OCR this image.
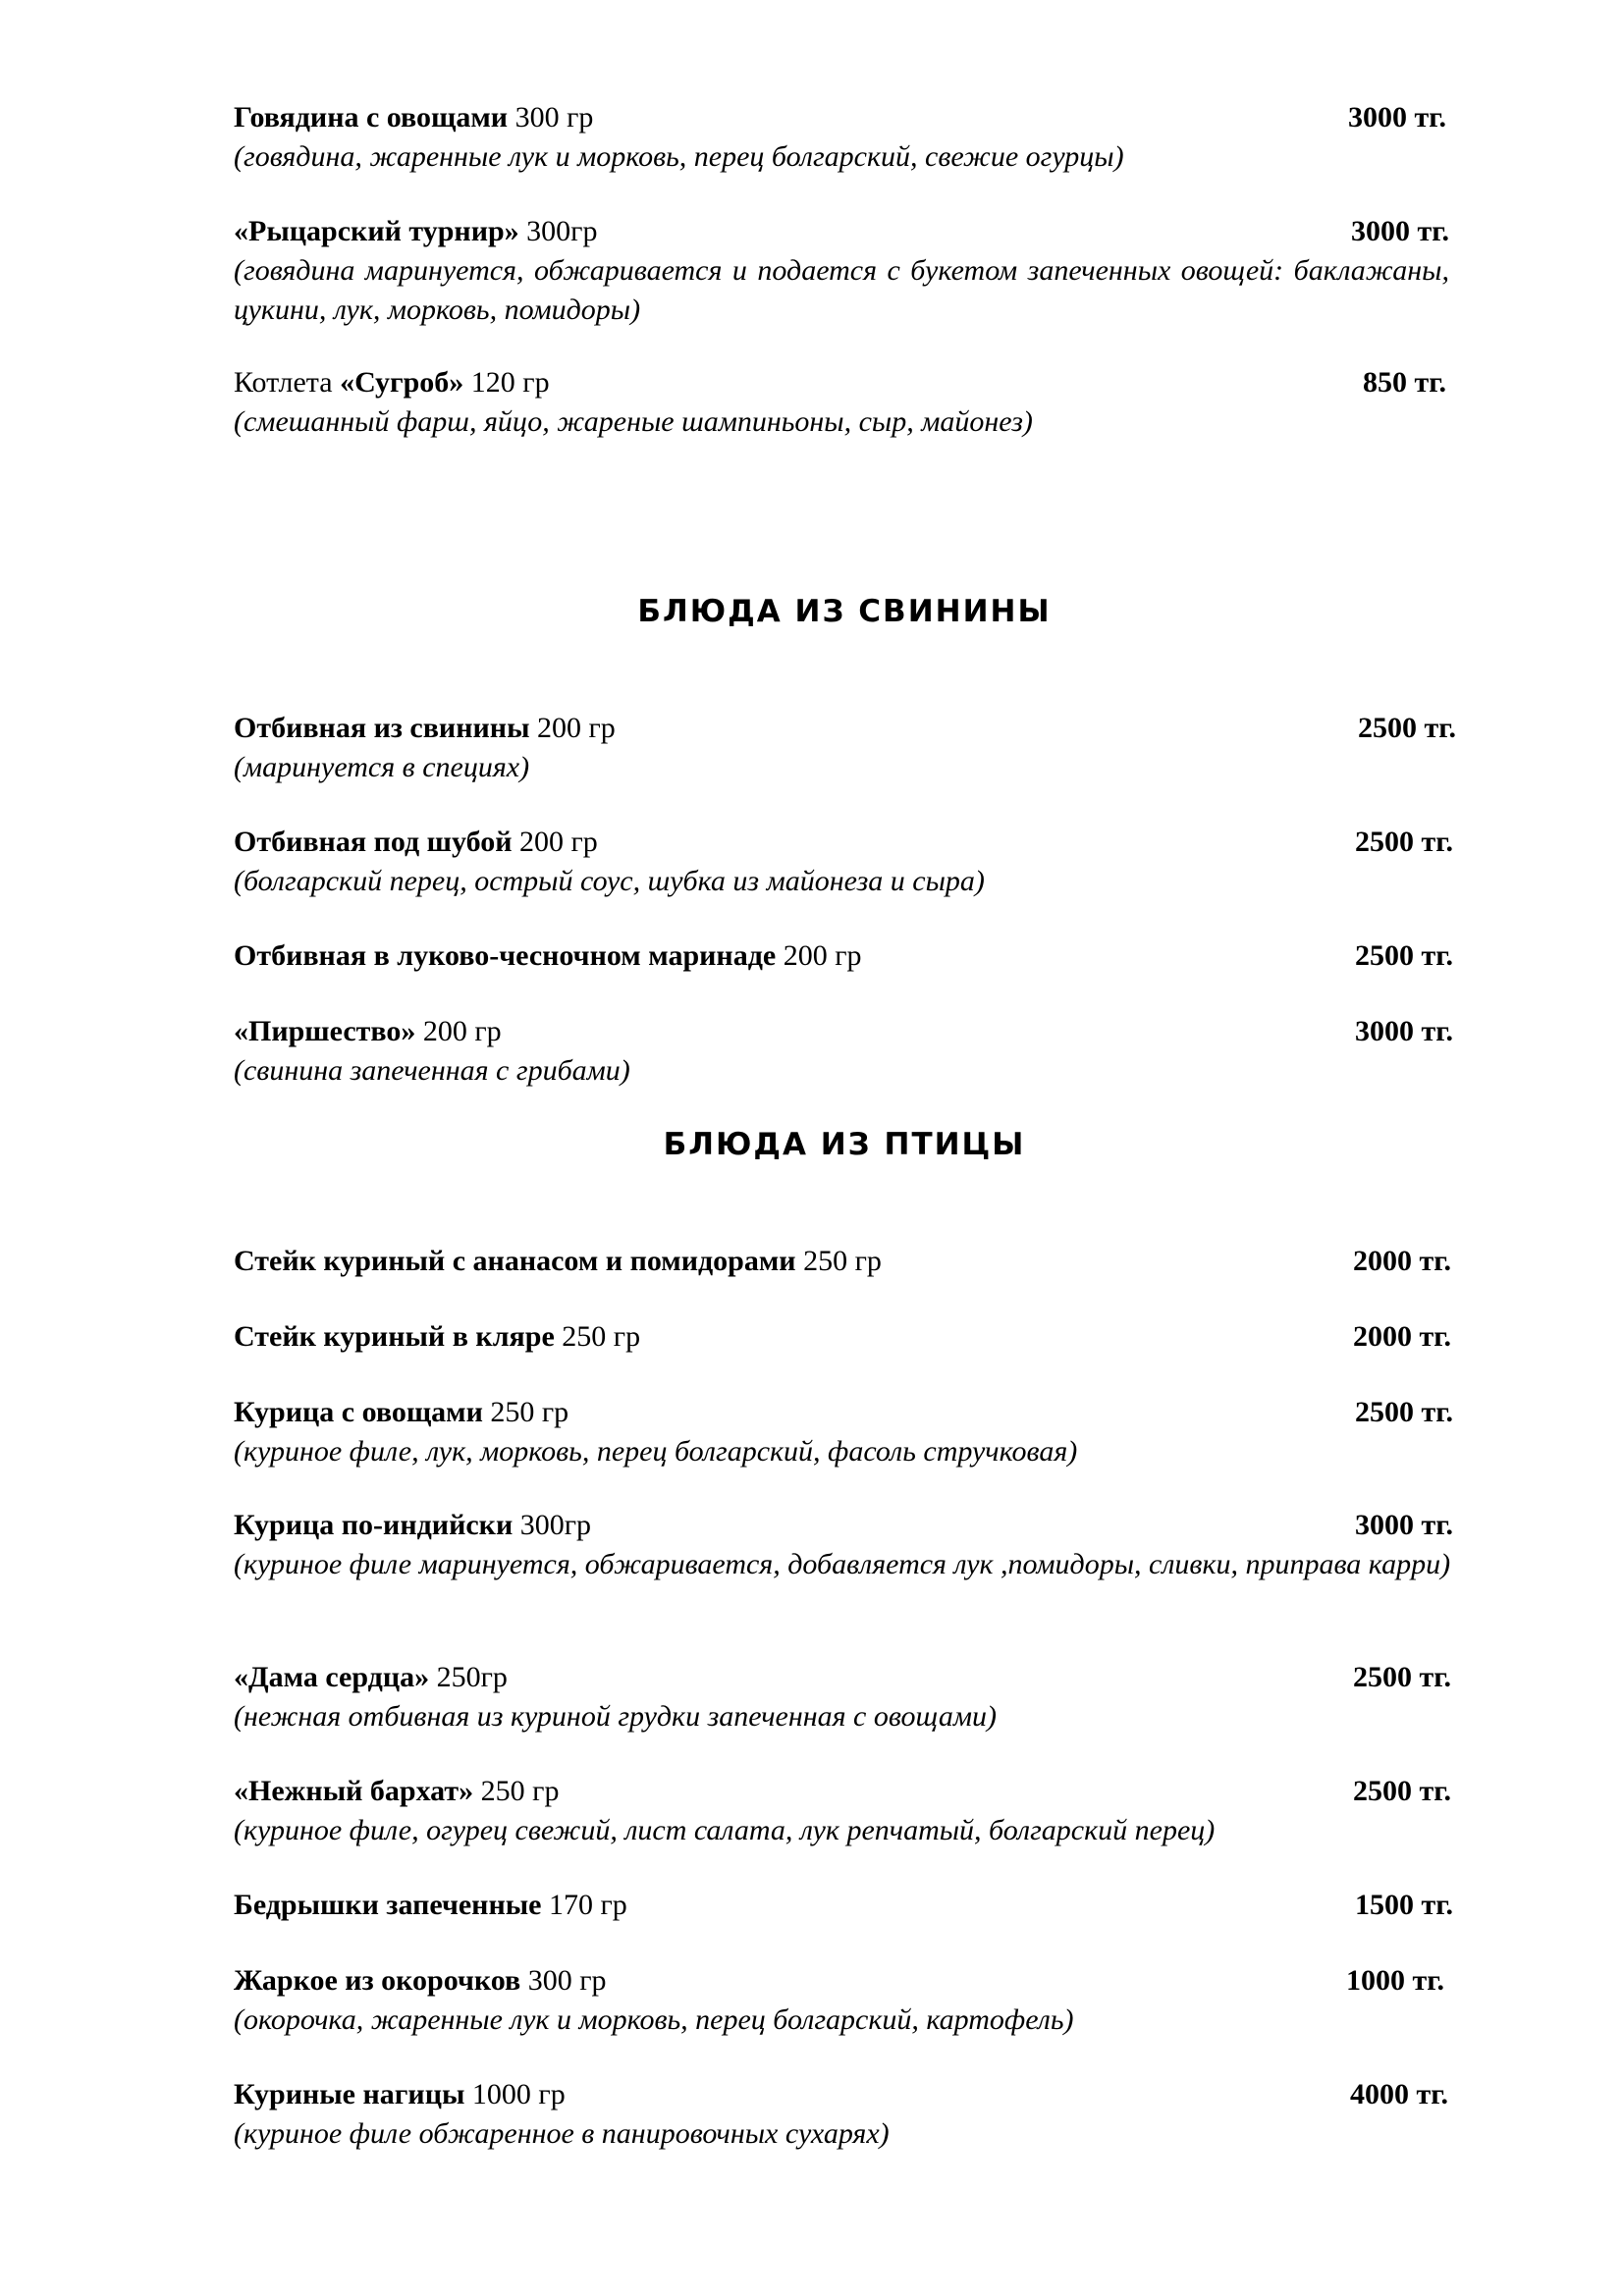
Говядина с овощами 300 гр	3000 тг.
(говядина, жаренные лук и морковь, перец болгарский, свежие огурцы)
«Рыцарский турнир» 300гр	3000 тг.
(говядина маринуется, обжаривается и подается с букетом запеченных овощей: баклажаны, цукини, лук, морковь, помидоры)
Котлета «Сугроб» 120 гр	850 тг.
(смешанный фарш, яйцо, жареные шампиньоны, сыр, майонез)
БЛЮДА ИЗ СВИНИНЫ
Отбивная из свинины 200 гр	2500 тг.
(маринуется в специях)
Отбивная под шубой 200 гр	2500 тг.
(болгарский перец, острый соус, шубка из майонеза и сыра)
Отбивная в луково-чесночном маринаде 200 гр	2500 тг.
«Пиршество» 200 гр	3000 тг.
(свинина запеченная с грибами)
БЛЮДА ИЗ ПТИЦЫ
Стейк куриный с ананасом и помидорами 250 гр	2000 тг.
Стейк куриный в кляре 250 гр	2000 тг.
Курица с овощами 250 гр	2500 тг.
(куриное филе, лук, морковь, перец болгарский, фасоль стручковая)
Курица по-индийски 300гр	3000 тг.
(куриное филе маринуется, обжаривается, добавляется лук ,помидоры, сливки, приправа карри)
«Дама сердца» 250гр	2500 тг.
(нежная отбивная из куриной грудки запеченная с овощами)
«Нежный бархат» 250 гр	2500 тг.
(куриное филе, огурец свежий, лист салата, лук репчатый, болгарский перец)
Бедрышки запеченные 170 гр	1500 тг.
Жаркое из окорочков 300 гр	1000 тг.
(окорочка, жаренные лук и морковь, перец болгарский, картофель)
Куриные нагицы 1000 гр	4000 тг.
(куриное филе обжаренное в панировочных сухарях)
